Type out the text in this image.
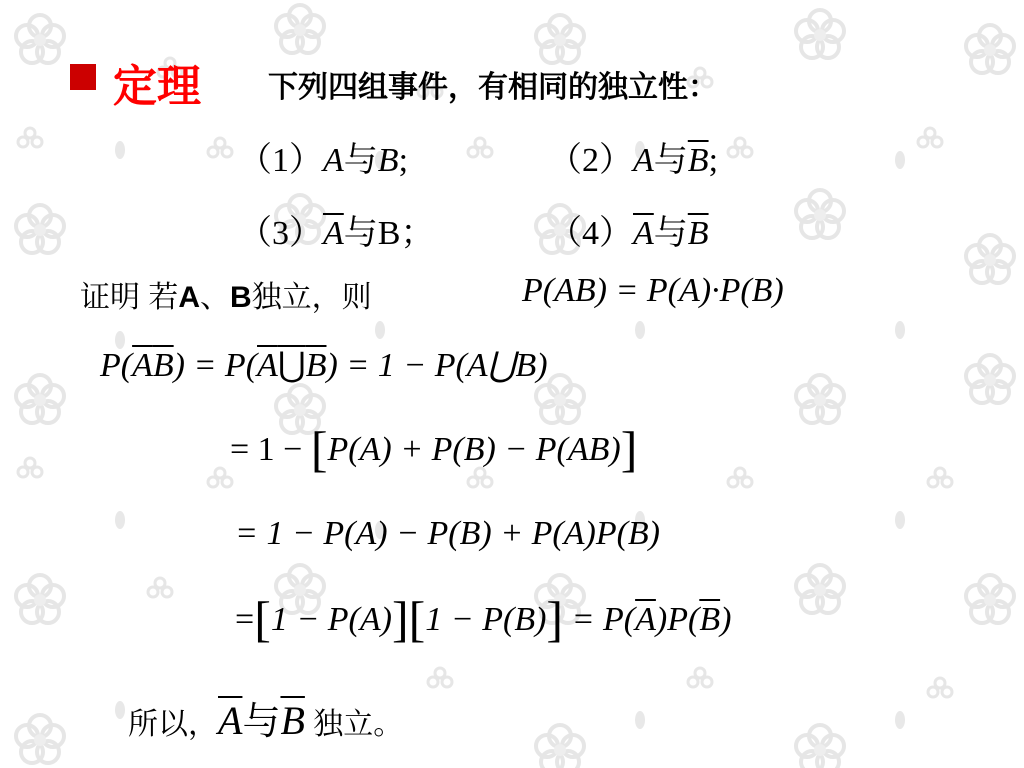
定理 下列四组事件，有相同的独立性：
（1）A与B;	（2）A与$\overline{B}$;
$(3)\overline{A}$与B；	$(4)\overline{A}$与$\overline{B}$
证明 若A、B独立，则	P(AB) = P(A)·P(B)
$P(\overline{A}\overline{B})$ = P(A⋃B) = 1 − P(A⋃B)
= 1 − [P(A) + P(B) − P(AB)]
= 1 − P(A) − P(B) + P(A)P(B)
$=[1 - P(A)][1 - P(B)] = P(\overline{A})P(\overline{B})$
所以，$\overline{A}$与$\overline{B}$ 独立。
